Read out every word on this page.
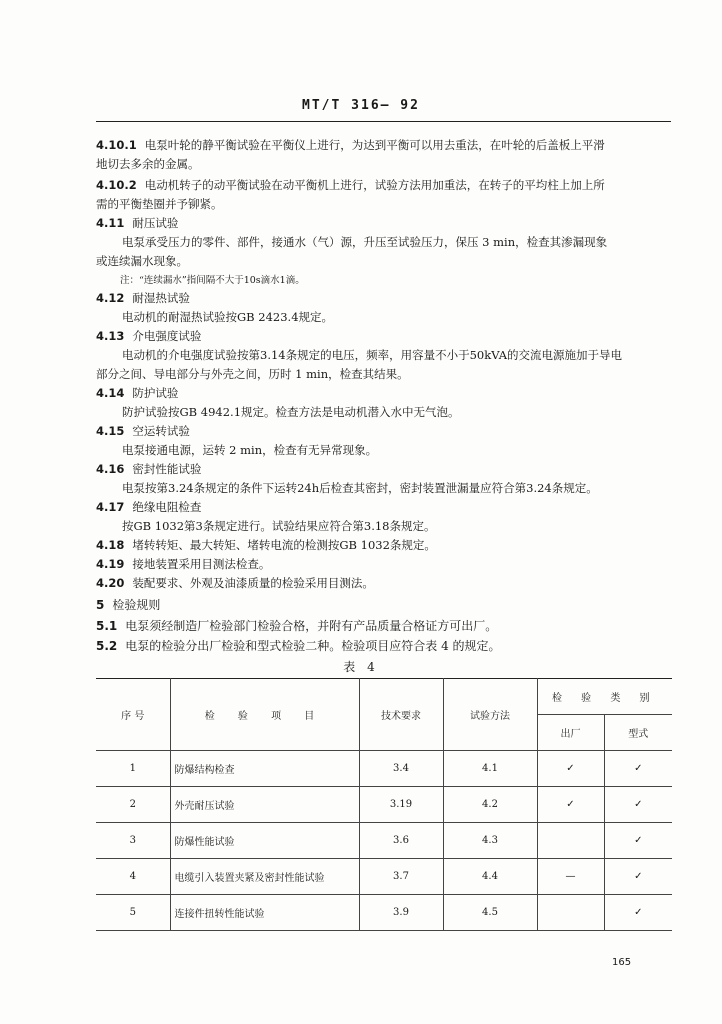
MT/T 316— 92
4.10.1 电泵叶轮的静平衡试验在平衡仪上进行，为达到平衡可以用去重法，在叶轮的后盖板上平滑
地切去多余的金属。
4.10.2 电动机转子的动平衡试验在动平衡机上进行，试验方法用加重法，在转子的平均柱上加上所
需的平衡垫圈并予铆紧。
4.11 耐压试验
电泵承受压力的零件、部件，接通水（气）源，升压至试验压力，保压 3 min，检查其渗漏现象
或连续漏水现象。
注：“连续漏水”指间隔不大于10s滴水1滴。
4.12 耐湿热试验
电动机的耐湿热试验按GB 2423.4规定。
4.13 介电强度试验
电动机的介电强度试验按第3.14条规定的电压，频率，用容量不小于50kVA的交流电源施加于导电
部分之间、导电部分与外壳之间，历时 1 min，检查其结果。
4.14 防护试验
防护试验按GB 4942.1规定。检查方法是电动机潜入水中无气泡。
4.15 空运转试验
电泵接通电源，运转 2 min，检查有无异常现象。
4.16 密封性能试验
电泵按第3.24条规定的条件下运转24h后检查其密封，密封装置泄漏量应符合第3.24条规定。
4.17 绝缘电阻检查
按GB 1032第3条规定进行。试验结果应符合第3.18条规定。
4.18 堵转转矩、最大转矩、堵转电流的检测按GB 1032条规定。
4.19 接地装置采用目测法检查。
4.20 装配要求、外观及油漆质量的检验采用目测法。
5 检验规则
5.1 电泵须经制造厂检验部门检验合格，并附有产品质量合格证方可出厂。
5.2 电泵的检验分出厂检验和型式检验二种。检验项目应符合表 4 的规定。
表 4
序 号	检 验 项 目	技术要求	试验方法	检 验 类 别	
				出厂	型式
1	防爆结构检查	3.4	4.1	✓	✓
2	外壳耐压试验	3.19	4.2	✓	✓
3	防爆性能试验	3.6	4.3		✓
4	电缆引入装置夹紧及密封性能试验	3.7	4.4	—	✓
5	连接件扭转性能试验	3.9	4.5		✓
165
